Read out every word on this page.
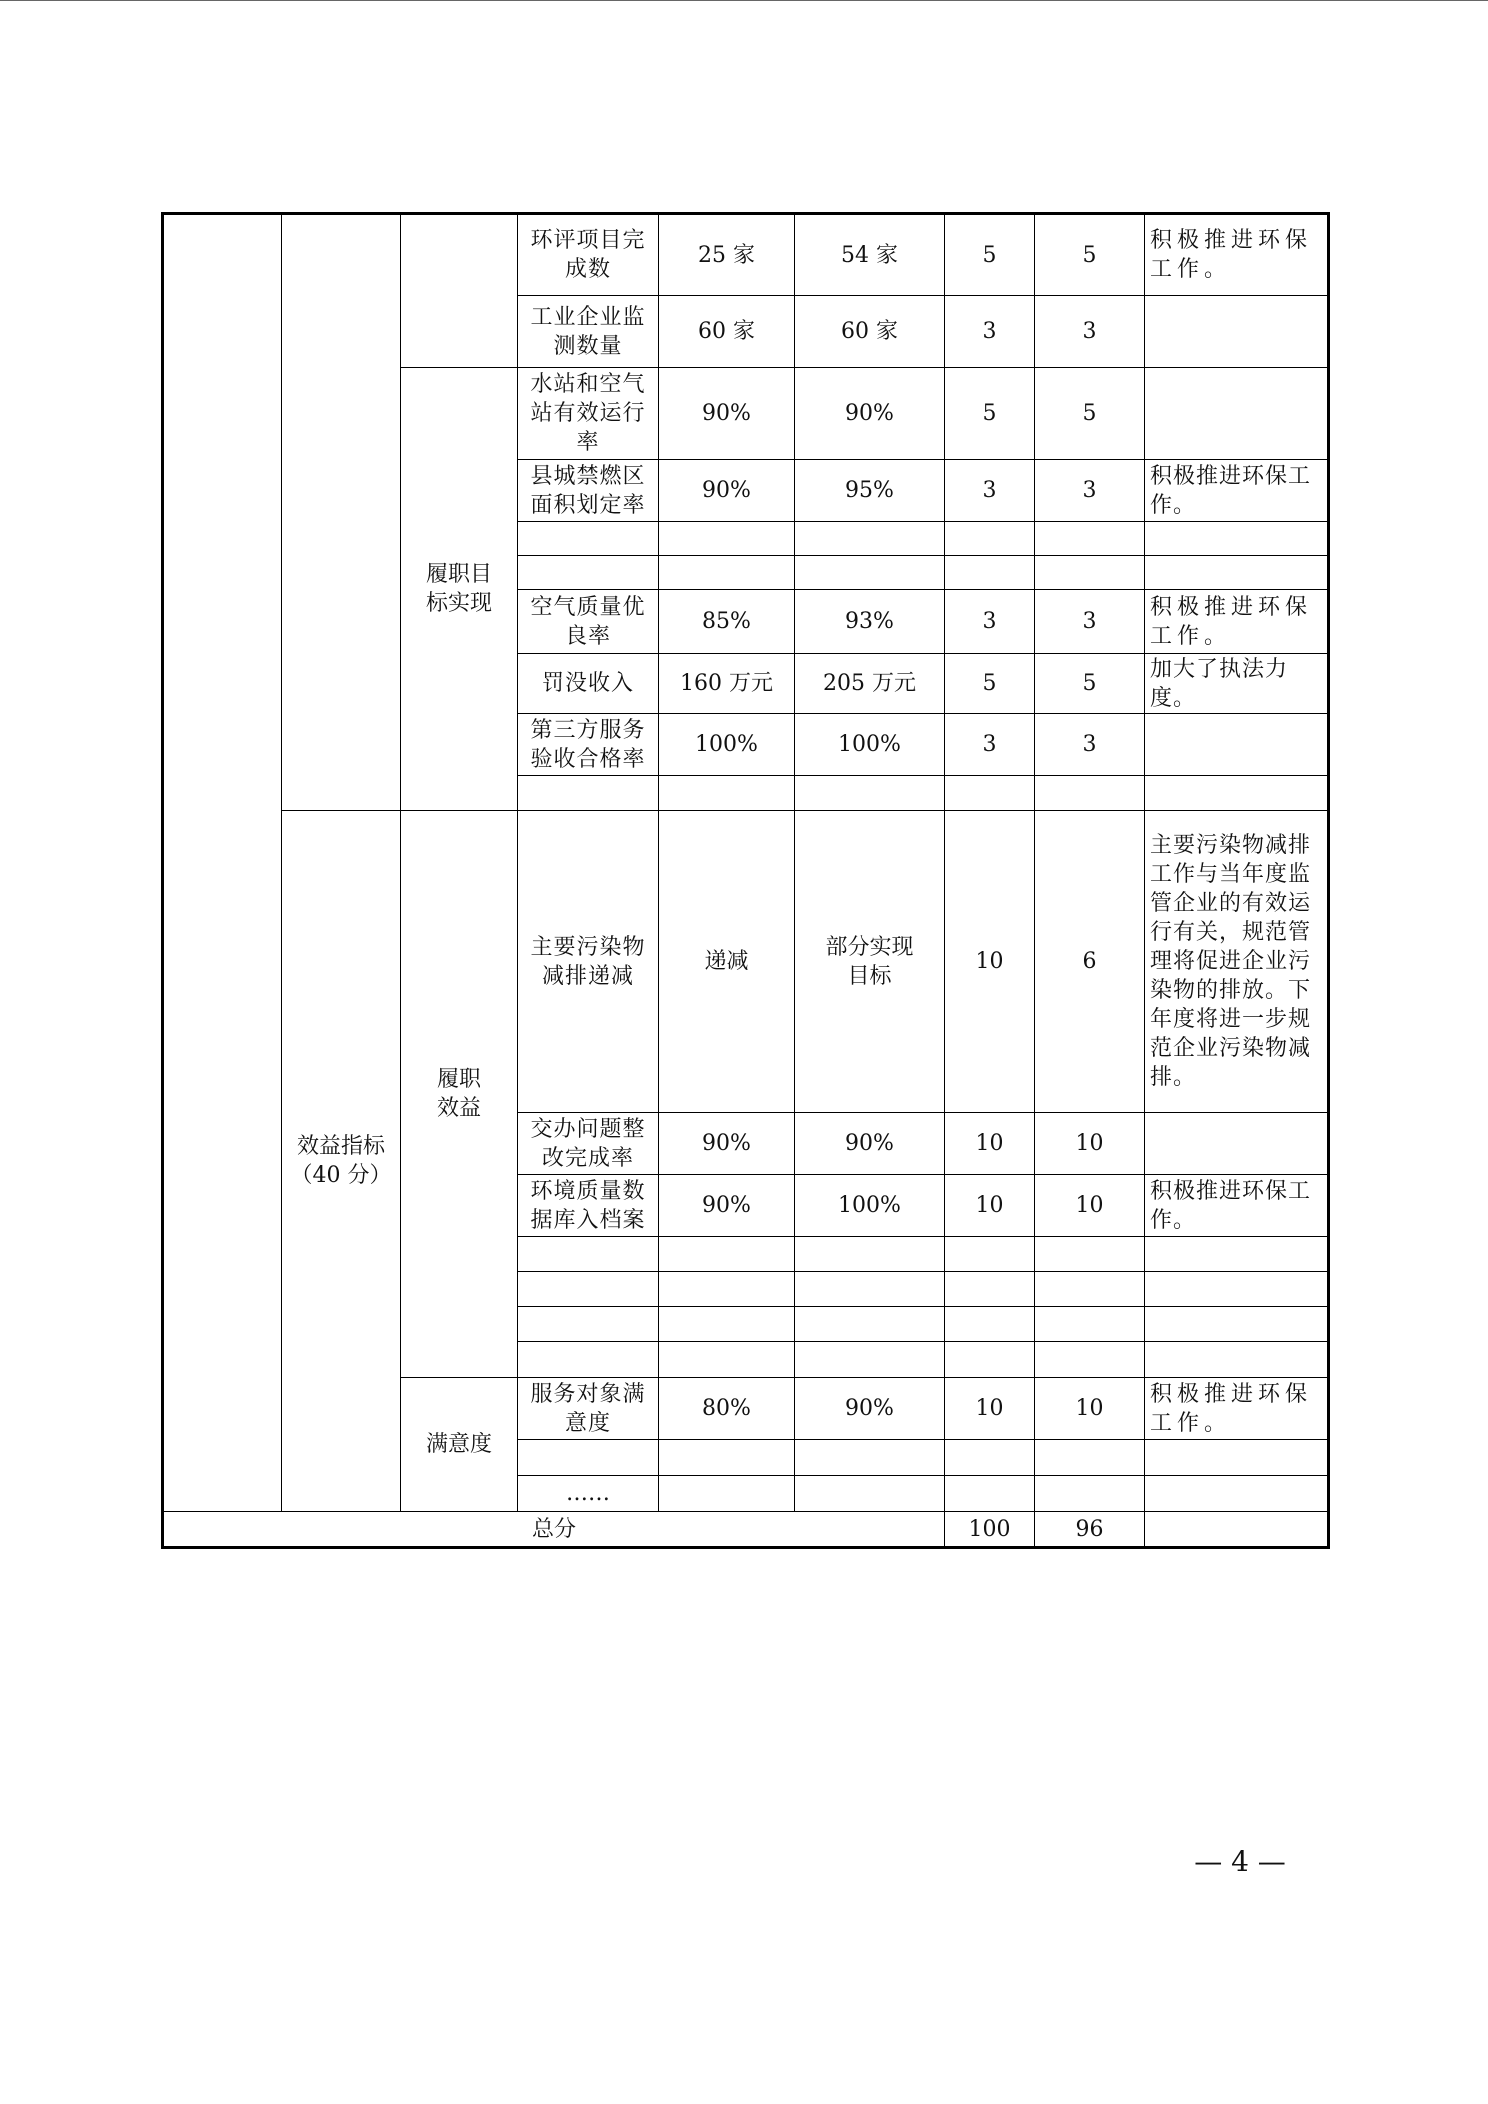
			环评项目完成数	25 家	54 家	5	5	积极推进环保工作。
			工业企业监测数量	60 家	60 家	3	3	
		履职目标实现	水站和空气站有效运行率	90%	90%	5	5	
			县城禁燃区面积划定率	90%	95%	3	3	积极推进环保工作。

			空气质量优良率	85%	93%	3	3	积极推进环保工作。
			罚没收入	160 万元	205 万元	5	5	加大了执法力度。
			第三方服务验收合格率	100%	100%	3	3	

	效益指标（40 分）	履职效益	主要污染物减排递减	递减	部分实现目标	10	6	主要污染物减排工作与当年度监管企业的有效运行有关，规范管理将促进企业污染物的排放。下年度将进一步规范企业污染物减排。
			交办问题整改完成率	90%	90%	10	10	
			环境质量数据库入档案	90%	100%	10	10	积极推进环保工作。

		满意度	服务对象满意度	80%	90%	10	10	积极推进环保工作。

			……					
总分						100	96	
— 4 —
